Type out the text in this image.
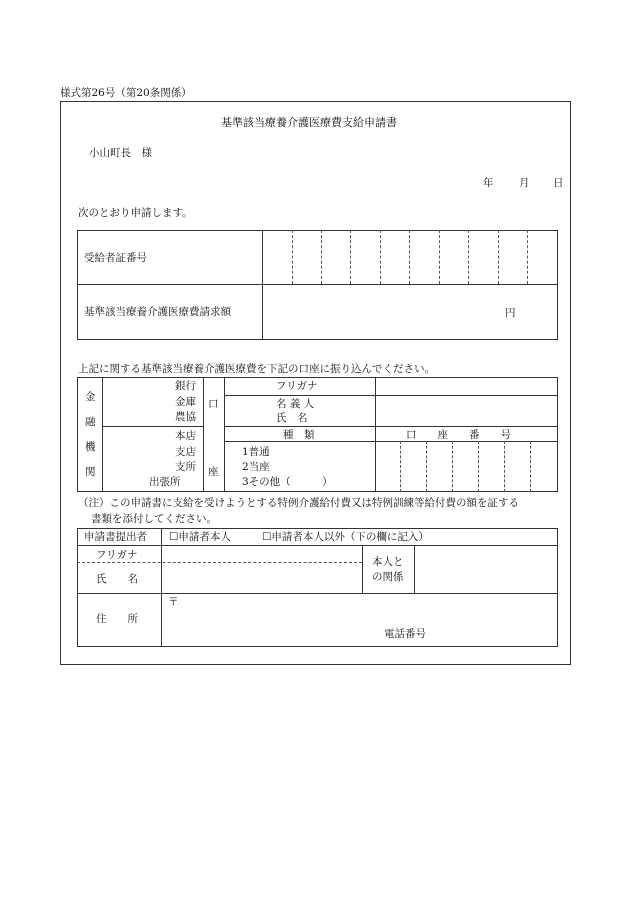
様式第26号（第20条関係）
基準該当療養介護医療費支給申請書
小山町長　様
年 月 日
次のとおり申請します。
受給者証番号
基準該当療養介護医療費請求額	円
上記に関する基準該当療養介護医療費を下記の口座に振り込んでください。
金
融
機
関
銀行
金庫
農協
本店
支店
支所
出張所
口
座
フリガナ
名 義 人
氏　名
種　類
1普通
2当座
3その他（　　　）
口　　座　　番　　号
（注）この申請書に支給を受けようとする特例介護給付費又は特例訓練等給付費の額を証する
書類を添付してください。
申請書提出者 ☐申請者本人	☐申請者本人以外（下の欄に記入）
フリガナ
氏　　名
本人と
の関係
住　　所
〒
電話番号
